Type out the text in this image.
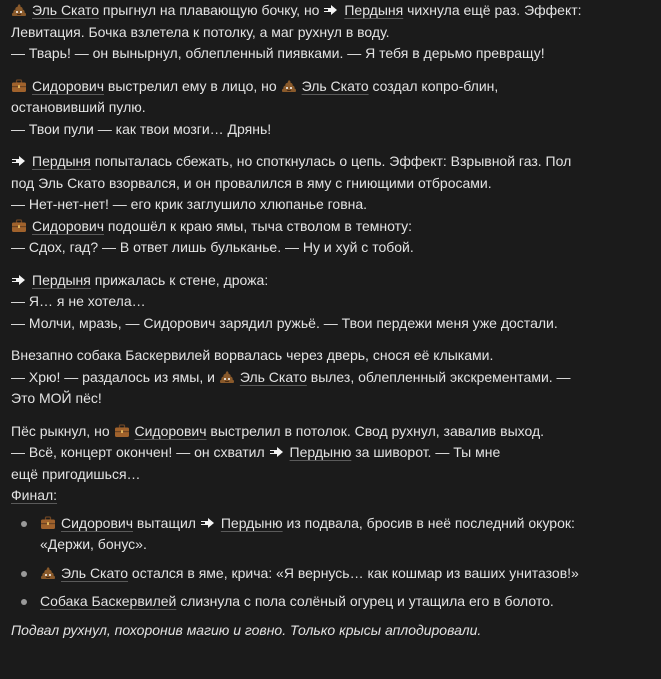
Эль Скато прыгнул на плавающую бочку, но
Пердыня чихнула ещё раз. Эффект:
Левитация. Бочка взлетела к потолку, а маг рухнул в воду.
— Тварь! — он вынырнул, облепленный пиявками. — Я тебя в дерьмо превращу!
Сидорович выстрелил ему в лицо, но
Эль Скато создал копро-блин,
остановивший пулю.
— Твои пули — как твои мозги… Дрянь!
Пердыня попыталась сбежать, но споткнулась о цепь. Эффект: Взрывной газ. Пол
под Эль Скато взорвался, и он провалился в яму с гниющими отбросами.
— Нет-нет-нет! — его крик заглушило хлюпанье говна.
Сидорович подошёл к краю ямы, тыча стволом в темноту:
— Сдох, гад? — В ответ лишь бульканье. — Ну и хуй с тобой.
Пердыня прижалась к стене, дрожа:
— Я… я не хотела…
— Молчи, мразь, — Сидорович зарядил ружьё. — Твои пердежи меня уже достали.
Внезапно собака Баскервилей ворвалась через дверь, снося её клыками.
— Хрю! — раздалось из ямы, и
Эль Скато вылез, облепленный экскрементами. —
Это МОЙ пёс!
Пёс рыкнул, но
Сидорович выстрелил в потолок. Свод рухнул, завалив выход.
— Всё, концерт окончен! — он схватил
Пердыню за шиворот. — Ты мне
ещё пригодишься…
Финал:
Сидорович вытащил
Пердыню из подвала, бросив в неё последний окурок:
«Держи, бонус».
Эль Скато остался в яме, крича: «Я вернусь… как кошмар из ваших унитазов!»
Собака Баскервилей слизнула с пола солёный огурец и утащила его в болото.
Подвал рухнул, похоронив магию и говно. Только крысы аплодировали.
